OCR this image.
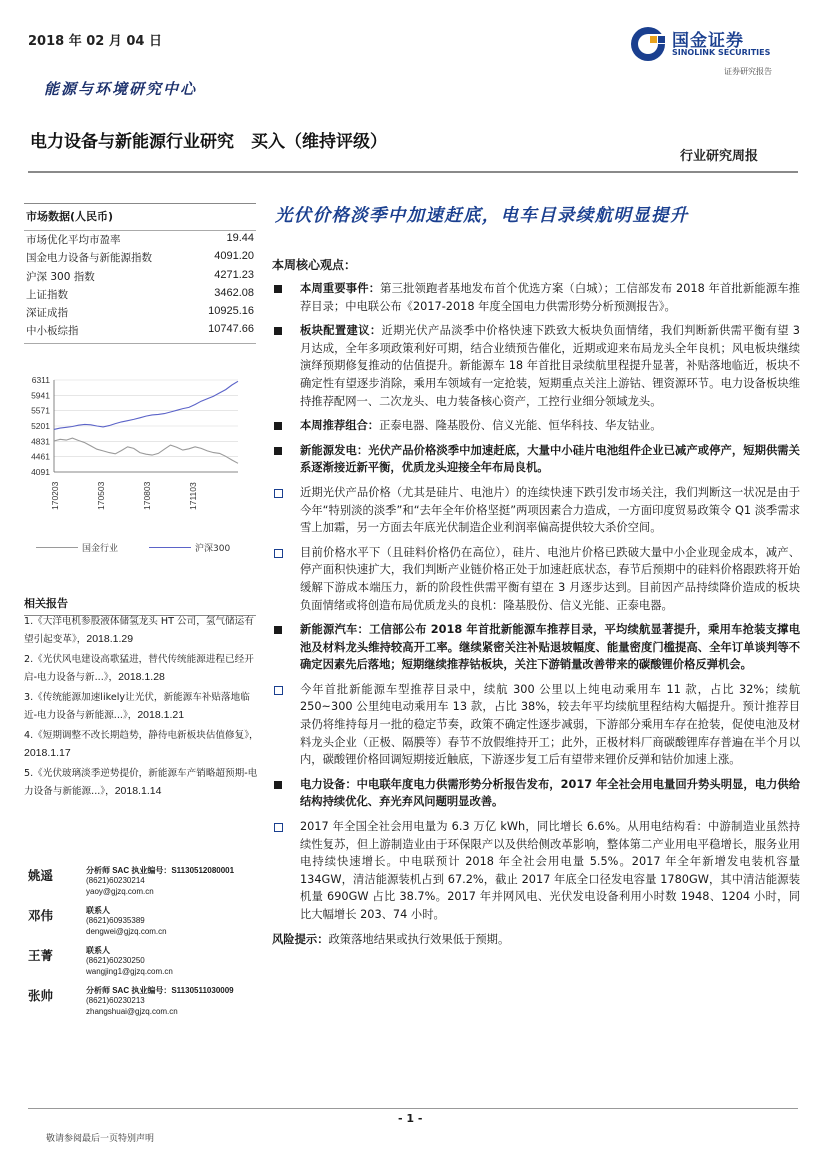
2018 年 02 月 04 日	国金证券
SINOLINK SECURITIES
证券研究报告
能源与环境研究中心
电力设备与新能源行业研究　买入（维持评级）
行业研究周报
光伏价格淡季中加速赶底，电车目录续航明显提升
市场数据(人民币)
市场优化平均市盈率	19.44
国金电力设备与新能源指数	4091.20
沪深 300 指数	4271.23
上证指数	3462.08
深证成指	10925.16
中小板综指	10747.66
6311
5941
5571
5201
4831
4461
4091
170203	170503	170803	171103
国金行业	沪深300
相关报告
1.《大洋电机参股液体储氢龙头 HT 公司，氢气储运有望引起变革》，2018.1.29
2.《光伏风电建设高歌猛进，替代传统能源进程已经开启-电力设备与新...》，2018.1.28
3.《传统能源加速likely让光伏，新能源车补贴落地临近-电力设备与新能源...》，2018.1.21
4.《短期调整不改长期趋势，静待电新板块估值修复》，2018.1.17
5.《光伏玻璃淡季逆势提价，新能源车产销略超预期-电力设备与新能源...》，2018.1.14
姚遥	分析师 SAC 执业编号：S1130512080001
(8621)60230214
yaoy@gjzq.com.cn
邓伟	联系人
(8621)60935389
dengwei@gjzq.com.cn
王菁	联系人
(8621)60230250
wangjing1@gjzq.com.cn
张帅	分析师 SAC 执业编号：S1130511030009
(8621)60230213
zhangshuai@gjzq.com.cn
本周核心观点：
本周重要事件：第三批领跑者基地发布首个优选方案（白城）；工信部发布 2018 年首批新能源车推荐目录；中电联公布《2017-2018 年度全国电力供需形势分析预测报告》。
板块配置建议：近期光伏产品淡季中价格快速下跌致大板块负面情绪，我们判断新供需平衡有望 3 月达成，全年多项政策利好可期，结合业绩预告催化，近期或迎来布局龙头全年良机；风电板块继续演绎预期修复推动的估值提升。新能源车 18 年首批目录续航里程提升显著，补贴落地临近，板块不确定性有望逐步消除，乘用车领域有一定抢装，短期重点关注上游钴、锂资源环节。电力设备板块维持推荐配网一、二次龙头、电力装备核心资产，工控行业细分领域龙头。
本周推荐组合：正泰电器、隆基股份、信义光能、恒华科技、华友钴业。
新能源发电：光伏产品价格淡季中加速赶底，大量中小硅片电池组件企业已减产或停产，短期供需关系逐渐接近新平衡，优质龙头迎接全年布局良机。
近期光伏产品价格（尤其是硅片、电池片）的连续快速下跌引发市场关注，我们判断这一状况是由于今年“特别淡的淡季”和“去年全年价格坚挺”两项因素合力造成，一方面印度贸易政策令 Q1 淡季需求雪上加霜，另一方面去年底光伏制造企业利润率偏高提供较大杀价空间。
目前价格水平下（且硅料价格仍在高位），硅片、电池片价格已跌破大量中小企业现金成本，减产、停产面积快速扩大，我们判断产业链价格正处于加速赶底状态，春节后预期中的硅料价格跟跌将开始缓解下游成本端压力，新的阶段性供需平衡有望在 3 月逐步达到。目前因产品持续降价造成的板块负面情绪或将创造布局优质龙头的良机：隆基股份、信义光能、正泰电器。
新能源汽车：工信部公布 2018 年首批新能源车推荐目录，平均续航显著提升，乘用车抢装支撑电池及材料龙头维持较高开工率。继续紧密关注补贴退坡幅度、能量密度门槛提高、全年订单谈判等不确定因素先后落地；短期继续推荐钴板块，关注下游销量改善带来的碳酸锂价格反弹机会。
今年首批新能源车型推荐目录中，续航 300 公里以上纯电动乘用车 11 款，占比 32%；续航 250~300 公里纯电动乘用车 13 款，占比 38%，较去年平均续航里程结构大幅提升。预计推荐目录仍将维持每月一批的稳定节奏，政策不确定性逐步减弱，下游部分乘用车存在抢装，促使电池及材料龙头企业（正极、隔膜等）春节不放假维持开工；此外，正极材料厂商碳酸锂库存普遍在半个月以内，碳酸锂价格回调短期接近触底，下游逐步复工后有望带来锂价反弹和钴价加速上涨。
电力设备：中电联年度电力供需形势分析报告发布，2017 年全社会用电量回升势头明显，电力供给结构持续优化、弃光弃风问题明显改善。
2017 年全国全社会用电量为 6.3 万亿 kWh，同比增长 6.6%。从用电结构看：中游制造业虽然持续性复苏，但上游制造业由于环保限产以及供给侧改革影响，整体第二产业用电平稳增长，服务业用电持续快速增长。中电联预计 2018 年全社会用电量 5.5%。2017 年全年新增发电装机容量 134GW，清洁能源装机占到 67.2%，截止 2017 年底全口径发电容量 1780GW，其中清洁能源装机量 690GW 占比 38.7%。2017 年并网风电、光伏发电设备利用小时数 1948、1204 小时，同比大幅增长 203、74 小时。
风险提示：政策落地结果或执行效果低于预期。
- 1 -
敬请参阅最后一页特别声明
